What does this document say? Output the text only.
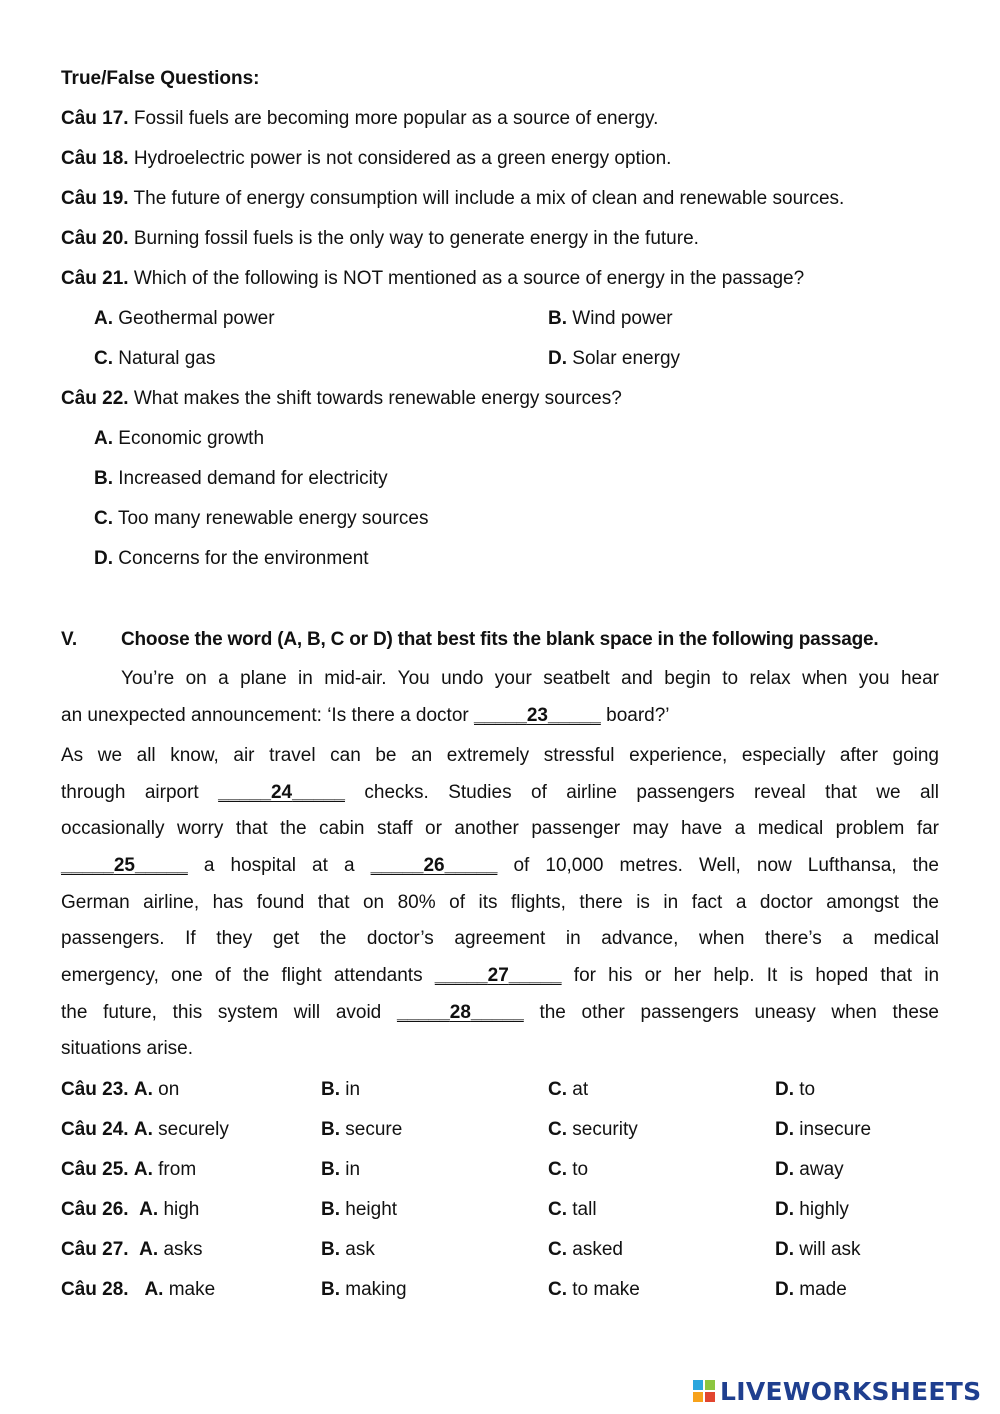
True/False Questions:
Câu 17. Fossil fuels are becoming more popular as a source of energy.
Câu 18. Hydroelectric power is not considered as a green energy option.
Câu 19. The future of energy consumption will include a mix of clean and renewable sources.
Câu 20. Burning fossil fuels is the only way to generate energy in the future.
Câu 21. Which of the following is NOT mentioned as a source of energy in the passage?
A. Geothermal power	B. Wind power
C. Natural gas	D. Solar energy
Câu 22. What makes the shift towards renewable energy sources?
A. Economic growth
B. Increased demand for electricity
C. Too many renewable energy sources
D. Concerns for the environment
V. Choose the word (A, B, C or D) that best fits the blank space in the following passage.
You’re on a plane in mid-air. You undo your seatbelt and begin to relax when you hear
an unexpected announcement: ‘Is there a doctor _____23_____ board?’
As we all know, air travel can be an extremely stressful experience, especially after going
through airport _____24_____ checks. Studies of airline passengers reveal that we all
occasionally worry that the cabin staff or another passenger may have a medical problem far
_____25_____ a hospital at a _____26_____ of 10,000 metres. Well, now Lufthansa, the
German airline, has found that on 80% of its flights, there is in fact a doctor amongst the
passengers. If they get the doctor’s agreement in advance, when there’s a medical
emergency, one of the flight attendants _____27_____ for his or her help. It is hoped that in
the future, this system will avoid _____28_____ the other passengers uneasy when these
situations arise.
Câu 23. A. on	B. in	C. at	D. to
Câu 24. A. securely	B. secure	C. security	D. insecure
Câu 25. A. from	B. in	C. to	D. away
Câu 26. A. high	B. height	C. tall	D. highly
Câu 27. A. asks	B. ask	C. asked	D. will ask
Câu 28. A. make	B. making	C. to make	D. made
LIVEWORKSHEETS
